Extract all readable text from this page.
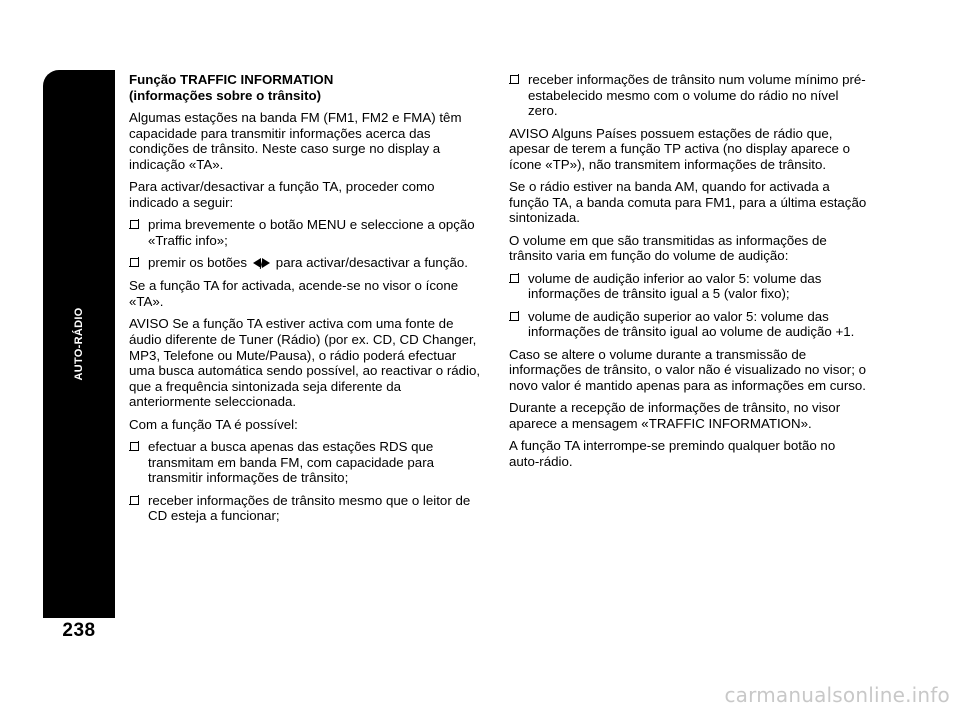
AUTO-RÁDIO
238
Função TRAFFIC INFORMATION
(informações sobre o trânsito)

Algumas estações na banda FM (FM1, FM2 e FMA) têm capacidade para transmitir informações acerca das condições de trânsito. Neste caso surge no display a indicação «TA».

Para activar/desactivar a função TA, proceder como indicado a seguir:

prima brevemente o botão MENU e seleccione a opção «Traffic info»;
premir os botões / para activar/desactivar a função.

Se a função TA for activada, acende-se no visor o ícone «TA».

AVISO Se a função TA estiver activa com uma fonte de áudio diferente de Tuner (Rádio) (por ex. CD, CD Changer, MP3, Telefone ou Mute/Pausa), o rádio poderá efectuar uma busca automática sendo possível, ao reactivar o rádio, que a frequência sintonizada seja diferente da anteriormente seleccionada.

Com a função TA é possível:

efectuar a busca apenas das estações RDS que transmitam em banda FM, com capacidade para transmitir informações de trânsito;
receber informações de trânsito mesmo que o leitor de CD esteja a funcionar;
receber informações de trânsito num volume mínimo pré-estabelecido mesmo com o volume do rádio no nível zero.

AVISO Alguns Países possuem estações de rádio que, apesar de terem a função TP activa (no display aparece o ícone «TP»), não transmitem informações de trânsito.

Se o rádio estiver na banda AM, quando for activada a função TA, a banda comuta para FM1, para a última estação sintonizada.

O volume em que são transmitidas as informações de trânsito varia em função do volume de audição:

volume de audição inferior ao valor 5: volume das informações de trânsito igual a 5 (valor fixo);
volume de audição superior ao valor 5: volume das informações de trânsito igual ao volume de audição +1.

Caso se altere o volume durante a transmissão de informações de trânsito, o valor não é visualizado no visor; o novo valor é mantido apenas para as informações em curso.

Durante a recepção de informações de trânsito, no visor aparece a mensagem «TRAFFIC INFORMATION».

A função TA interrompe-se premindo qualquer botão no auto-rádio.

carmanualsonline.info
